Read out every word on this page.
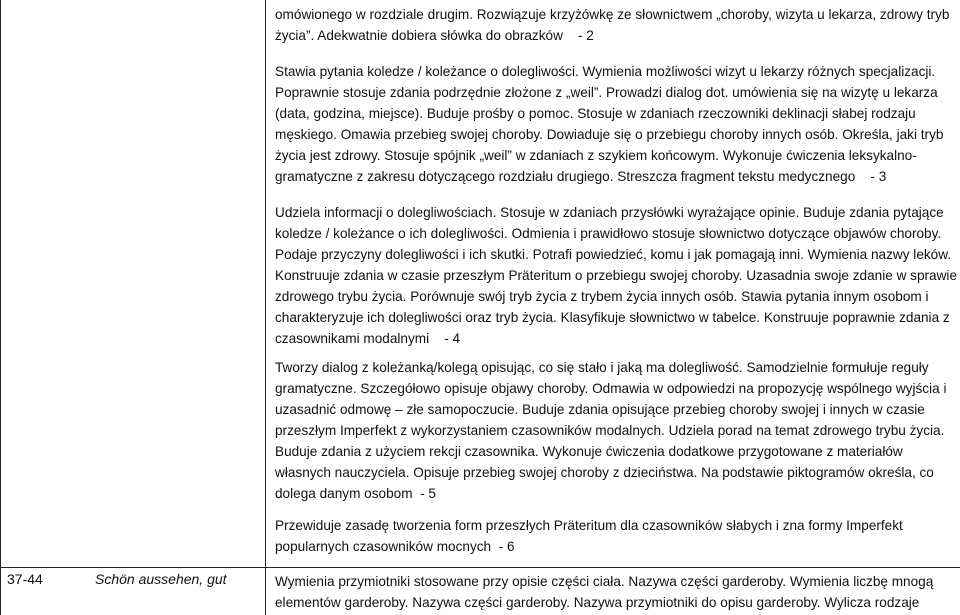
omówionego w rozdziale drugim. Rozwiązuje krzyżówkę ze słownictwem „choroby, wizyta u lekarza, zdrowy tryb życia”. Adekwatnie dobiera słówka do obrazków - 2

Stawia pytania koledze / koleżance o dolegliwości. Wymienia możliwości wizyt u lekarzy różnych specjalizacji. Poprawnie stosuje zdania podrzędnie złożone z „weil”. Prowadzi dialog dot. umówienia się na wizytę u lekarza (data, godzina, miejsce). Buduje prośby o pomoc. Stosuje w zdaniach rzeczowniki deklinacji słabej rodzaju męskiego. Omawia przebieg swojej choroby. Dowiaduje się o przebiegu choroby innych osób. Określa, jaki tryb życia jest zdrowy. Stosuje spójnik „weil” w zdaniach z szykiem końcowym. Wykonuje ćwiczenia leksykalno-gramatyczne z zakresu dotyczącego rozdziału drugiego. Streszcza fragment tekstu medycznego - 3

Udziela informacji o dolegliwościach. Stosuje w zdaniach przysłówki wyrażające opinie. Buduje zdania pytające koledze / koleżance o ich dolegliwości. Odmienia i prawidłowo stosuje słownictwo dotyczące objawów choroby. Podaje przyczyny dolegliwości i ich skutki. Potrafi powiedzieć, komu i jak pomagają inni. Wymienia nazwy leków. Konstruuje zdania w czasie przeszłym Präteritum o przebiegu swojej choroby. Uzasadnia swoje zdanie w sprawie zdrowego trybu życia. Porównuje swój tryb życia z trybem życia innych osób. Stawia pytania innym osobom i charakteryzuje ich dolegliwości oraz tryb życia. Klasyfikuje słownictwo w tabelce. Konstruuje poprawnie zdania z czasownikami modalnymi - 4

Tworzy dialog z koleżanką/kolegą opisując, co się stało i jaką ma dolegliwość. Samodzielnie formułuje reguły gramatyczne. Szczegółowo opisuje objawy choroby. Odmawia w odpowiedzi na propozycję wspólnego wyjścia i uzasadnić odmowę – złe samopoczucie. Buduje zdania opisujące przebieg choroby swojej i innych w czasie przeszłym Imperfekt z wykorzystaniem czasowników modalnych. Udziela porad na temat zdrowego trybu życia. Buduje zdania z użyciem rekcji czasownika. Wykonuje ćwiczenia dodatkowe przygotowane z materiałów własnych nauczyciela. Opisuje przebieg swojej choroby z dzieciństwa. Na podstawie piktogramów określa, co dolega danym osobom - 5

Przewiduje zasadę tworzenia form przeszłych Präteritum dla czasowników słabych i zna formy Imperfekt popularnych czasowników mocnych - 6

37-44	Schön aussehen, gut	Wymienia przymiotniki stosowane przy opisie części ciała. Nazywa części garderoby. Wymienia liczbę mnogą elementów garderoby. Nazywa części garderoby. Nazywa przymiotniki do opisu garderoby. Wylicza rodzaje
